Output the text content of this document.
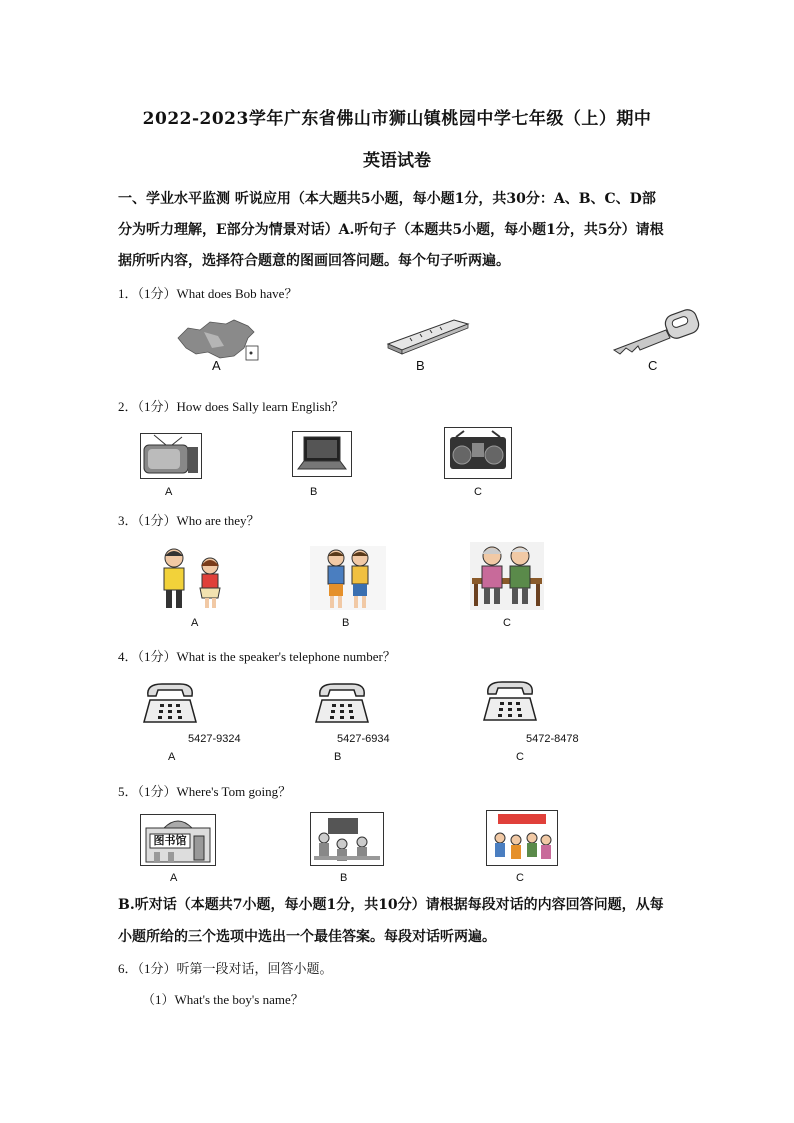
2022-2023学年广东省佛山市狮山镇桃园中学七年级（上）期中
英语试卷
一、学业水平监测 听说应用（本大题共5小题，每小题1分，共30分：A、B、C、D部
分为听力理解，E部分为情景对话）A.听句子（本题共5小题，每小题1分，共5分）请根
据所听内容，选择符合题意的图画回答问题。每个句子听两遍。
1．（1分）What does Bob have？
A	B	C
2．（1分）How does Sally learn English？
A	B	C
3．（1分）Who are they？
A	B	C
4．（1分）What is the speaker's telephone number？
5427-9324
A
5427-6934
B
5472-8478
C
5．（1分）Where's Tom going？
图书馆
A	B	C
B.听对话（本题共7小题，每小题1分，共10分）请根据每段对话的内容回答问题，从每
小题所给的三个选项中选出一个最佳答案。每段对话听两遍。
6．（1分）听第一段对话，回答小题。
（1）What's the boy's name？
